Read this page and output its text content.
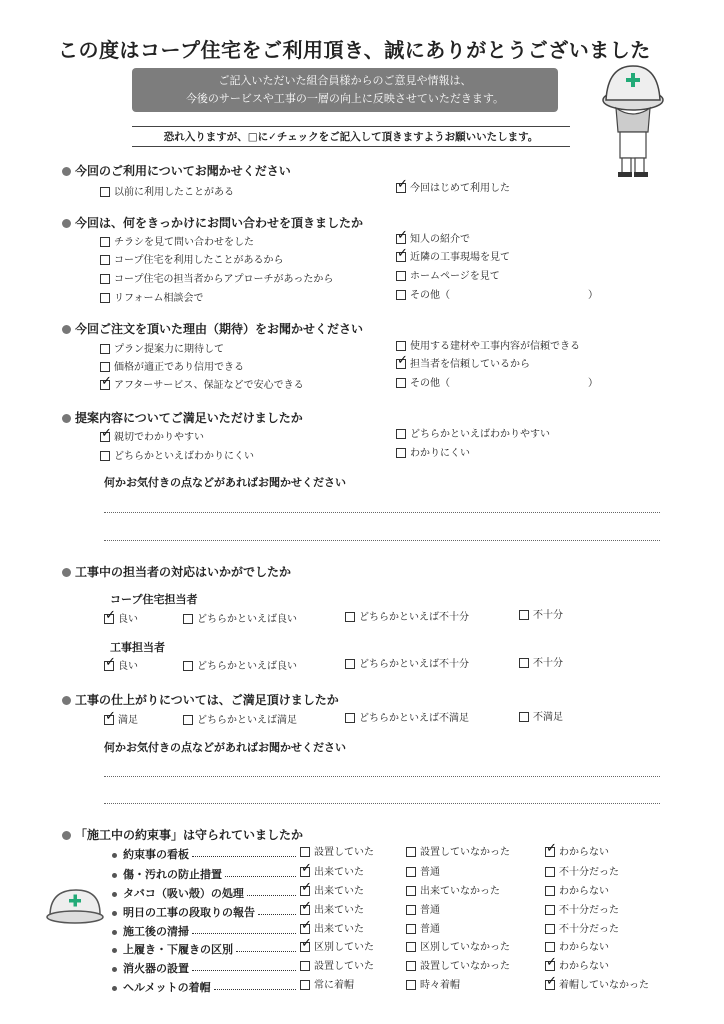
この度はコープ住宅をご利用頂き、誠にありがとうございました
ご記入いただいた組合員様からのご意見や情報は、
今後のサービスや工事の一層の向上に反映させていただきます。
恐れ入りますが、□に✓チェックをご記入して頂きますようお願いいたします。
今回のご利用についてお聞かせください
以前に利用したことがある ✓	今回はじめて利用した
今回は、何をきっかけにお問い合わせを頂きましたか
チラシを見て問い合わせをした
コープ住宅を利用したことがあるから
コープ住宅の担当者からアプローチがあったから
リフォーム相談会で
✓知人の紹介で
✓近隣の工事現場を見て
ホームページを見て
その他（	）
今回ご注文を頂いた理由（期待）をお聞かせください
プラン提案力に期待して
価格が適正であり信用できる
✓アフターサービス、保証などで安心できる
使用する建材や工事内容が信頼できる
✓担当者を信頼しているから
その他（	）
提案内容についてご満足いただけましたか
✓親切でわかりやすい
どちらかといえばわかりにくい
どちらかといえばわかりやすい
わかりにくい
何かお気付きの点などがあればお聞かせください
工事中の担当者の対応はいかがでしたか
コープ住宅担当者
✓良い	どちらかといえば良い	どちらかといえば不十分	不十分
工事担当者
✓良い	どちらかといえば良い	どちらかといえば不十分	不十分
工事の仕上がりについては、ご満足頂けましたか
✓満足	どちらかといえば満足	どちらかといえば不満足	不満足
何かお気付きの点などがあればお聞かせください
「施工中の約束事」は守られていましたか
約束事の看板	設置していた	設置していなかった ✓	わからない
傷・汚れの防止措置 ✓	出来ていた	普通	不十分だった
タバコ（吸い殻）の処理 ✓	出来ていた	出来ていなかった	わからない
明日の工事の段取りの報告 ✓	出来ていた	普通	不十分だった
施工後の清掃 ✓	出来ていた	普通	不十分だった
上履き・下履きの区別 ✓	区別していた	区別していなかった	わからない
消火器の設置	設置していた	設置していなかった ✓	わからない
ヘルメットの着帽	常に着帽	時々着帽 ✓	着帽していなかった
